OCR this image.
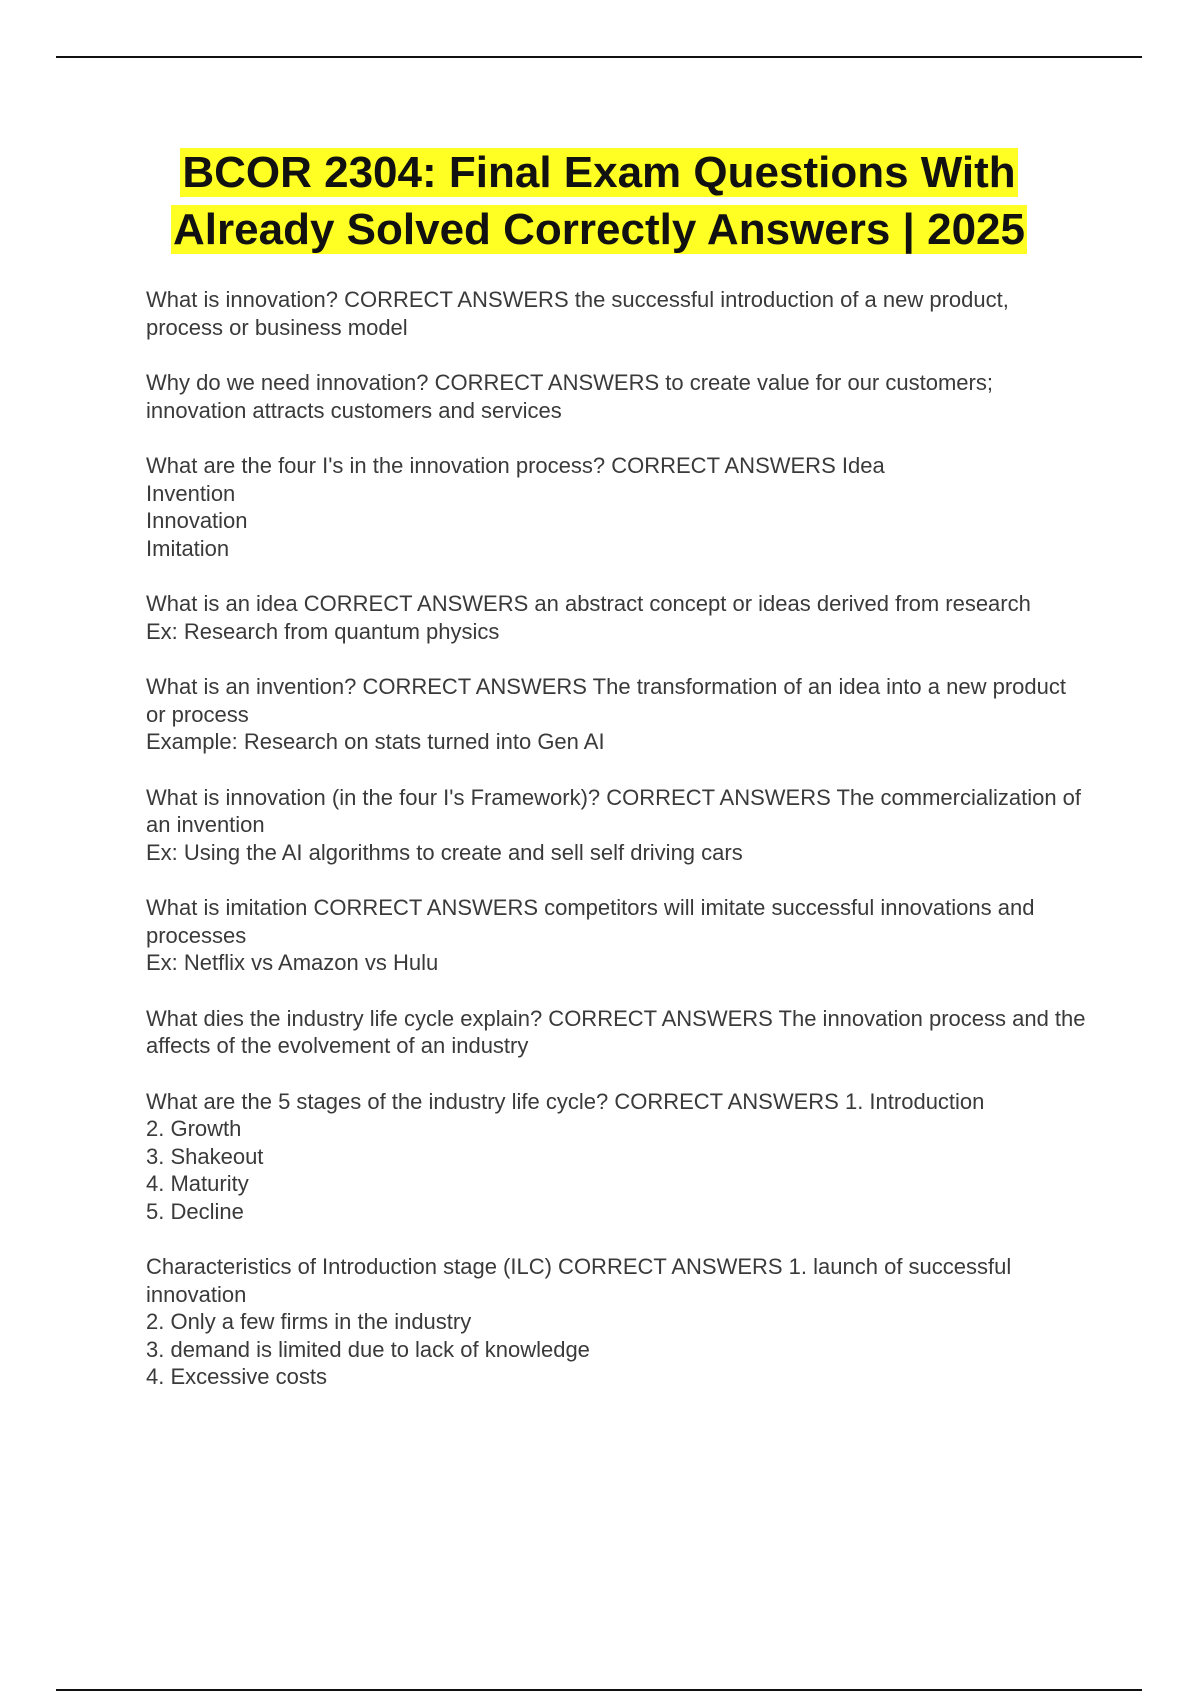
BCOR 2304: Final Exam Questions With
Already Solved Correctly Answers | 2025

What is innovation? CORRECT ANSWERS the successful introduction of a new product, process or business model

Why do we need innovation? CORRECT ANSWERS to create value for our customers; innovation attracts customers and services

What are the four I's in the innovation process? CORRECT ANSWERS Idea
Invention
Innovation
Imitation

What is an idea CORRECT ANSWERS an abstract concept or ideas derived from research
Ex: Research from quantum physics

What is an invention? CORRECT ANSWERS The transformation of an idea into a new product or process
Example: Research on stats turned into Gen AI

What is innovation (in the four I's Framework)? CORRECT ANSWERS The commercialization of an invention
Ex: Using the AI algorithms to create and sell self driving cars

What is imitation CORRECT ANSWERS competitors will imitate successful innovations and processes
Ex: Netflix vs Amazon vs Hulu

What dies the industry life cycle explain? CORRECT ANSWERS The innovation process and the affects of the evolvement of an industry

What are the 5 stages of the industry life cycle? CORRECT ANSWERS 1. Introduction
2. Growth
3. Shakeout
4. Maturity
5. Decline

Characteristics of Introduction stage (ILC) CORRECT ANSWERS 1. launch of successful innovation
2. Only a few firms in the industry
3. demand is limited due to lack of knowledge
4. Excessive costs
